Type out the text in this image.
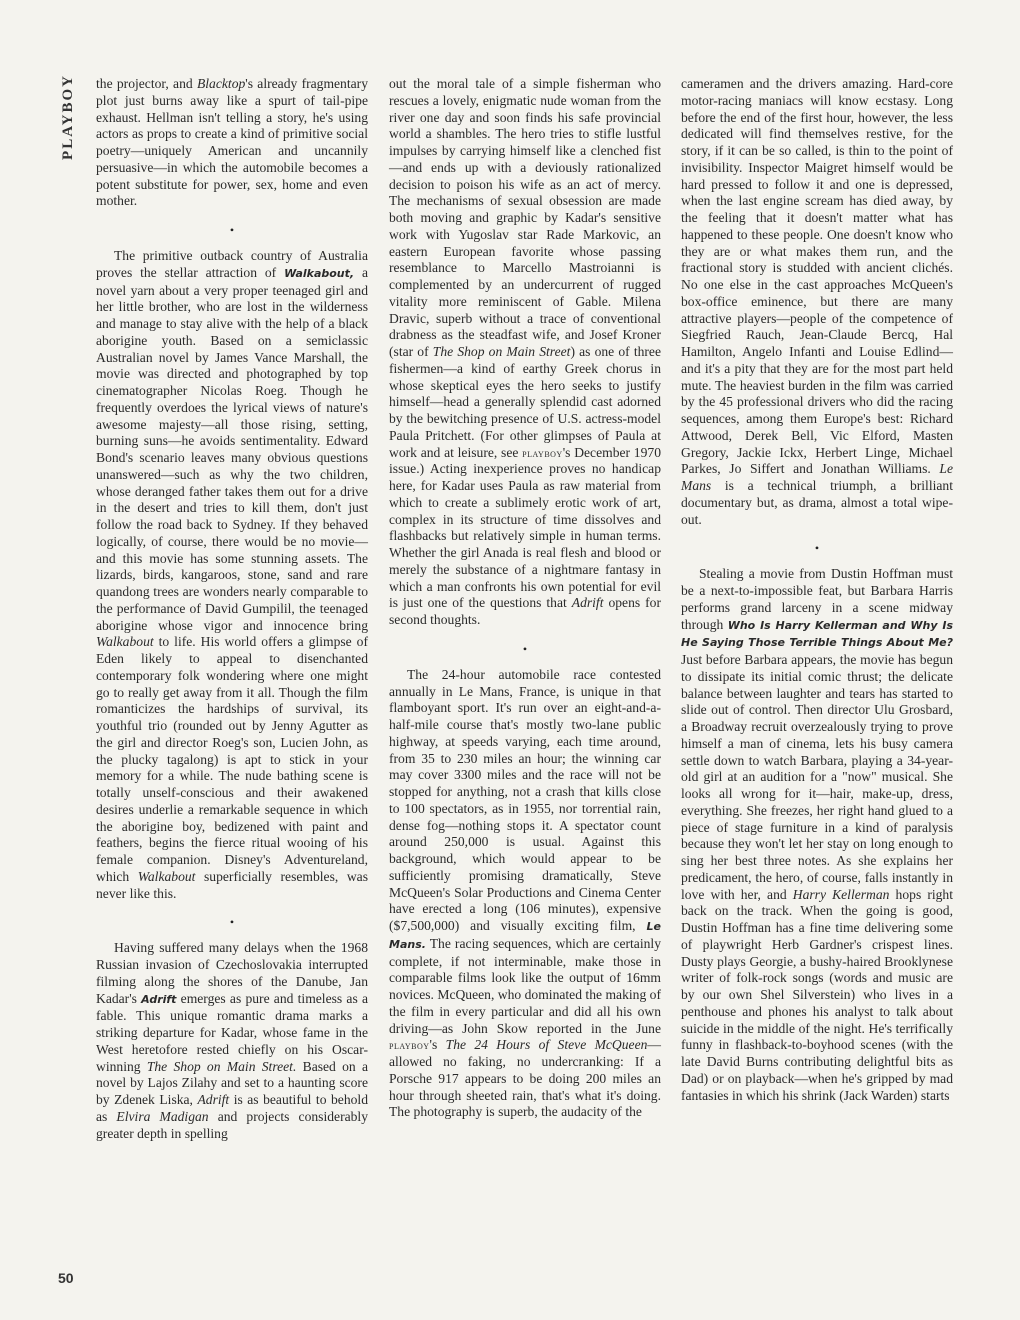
PLAYBOY the projector, and Blacktop's already fragmentary plot just burns away like a spurt of tail-pipe exhaust. Hellman isn't telling a story, he's using actors as props to create a kind of primitive social poetry—uniquely American and uncannily persuasive—in which the automobile becomes a potent substitute for power, sex, home and even mother.

•

The primitive outback country of Australia proves the stellar attraction of Walkabout, a novel yarn about a very proper teenaged girl and her little brother, who are lost in the wilderness and manage to stay alive with the help of a black aborigine youth. Based on a semiclassic Australian novel by James Vance Marshall, the movie was directed and photographed by top cinematographer Nicolas Roeg. Though he frequently overdoes the lyrical views of nature's awesome majesty—all those rising, setting, burning suns—he avoids sentimentality. Edward Bond's scenario leaves many obvious questions unanswered—such as why the two children, whose deranged father takes them out for a drive in the desert and tries to kill them, don't just follow the road back to Sydney. If they behaved logically, of course, there would be no movie—and this movie has some stunning assets. The lizards, birds, kangaroos, stone, sand and rare quandong trees are wonders nearly comparable to the performance of David Gumpilil, the teenaged aborigine whose vigor and innocence bring Walkabout to life. His world offers a glimpse of Eden likely to appeal to disenchanted contemporary folk wondering where one might go to really get away from it all. Though the film romanticizes the hardships of survival, its youthful trio (rounded out by Jenny Agutter as the girl and director Roeg's son, Lucien John, as the plucky tagalong) is apt to stick in your memory for a while. The nude bathing scene is totally unself-conscious and their awakened desires underlie a remarkable sequence in which the aborigine boy, bedizened with paint and feathers, begins the fierce ritual wooing of his female companion. Disney's Adventureland, which Walkabout superficially resembles, was never like this.

•

Having suffered many delays when the 1968 Russian invasion of Czechoslovakia interrupted filming along the shores of the Danube, Jan Kadar's Adrift emerges as pure and timeless as a fable. This unique romantic drama marks a striking departure for Kadar, whose fame in the West heretofore rested chiefly on his Oscar-winning The Shop on Main Street. Based on a novel by Lajos Zilahy and set to a haunting score by Zdenek Liska, Adrift is as beautiful to behold as Elvira Madigan and projects considerably greater depth in spelling

out the moral tale of a simple fisherman who rescues a lovely, enigmatic nude woman from the river one day and soon finds his safe provincial world a shambles. The hero tries to stifle lustful impulses by carrying himself like a clenched fist—and ends up with a deviously rationalized decision to poison his wife as an act of mercy. The mechanisms of sexual obsession are made both moving and graphic by Kadar's sensitive work with Yugoslav star Rade Markovic, an eastern European favorite whose passing resemblance to Marcello Mastroianni is complemented by an undercurrent of rugged vitality more reminiscent of Gable. Milena Dravic, superb without a trace of conventional drabness as the steadfast wife, and Josef Kroner (star of The Shop on Main Street) as one of three fishermen—a kind of earthy Greek chorus in whose skeptical eyes the hero seeks to justify himself—head a generally splendid cast adorned by the bewitching presence of U.S. actress-model Paula Pritchett. (For other glimpses of Paula at work and at leisure, see playboy's December 1970 issue.) Acting inexperience proves no handicap here, for Kadar uses Paula as raw material from which to create a sublimely erotic work of art, complex in its structure of time dissolves and flashbacks but relatively simple in human terms. Whether the girl Anada is real flesh and blood or merely the substance of a nightmare fantasy in which a man confronts his own potential for evil is just one of the questions that Adrift opens for second thoughts.

•

The 24-hour automobile race contested annually in Le Mans, France, is unique in that flamboyant sport. It's run over an eight-and-a-half-mile course that's mostly two-lane public highway, at speeds varying, each time around, from 35 to 230 miles an hour; the winning car may cover 3300 miles and the race will not be stopped for anything, not a crash that kills close to 100 spectators, as in 1955, nor torrential rain, dense fog—nothing stops it. A spectator count around 250,000 is usual. Against this background, which would appear to be sufficiently promising dramatically, Steve McQueen's Solar Productions and Cinema Center have erected a long (106 minutes), expensive ($7,500,000) and visually exciting film, Le Mans. The racing sequences, which are certainly complete, if not interminable, make those in comparable films look like the output of 16mm novices. McQueen, who dominated the making of the film in every particular and did all his own driving—as John Skow reported in the June playboy's The 24 Hours of Steve McQueen—allowed no faking, no undercranking: If a Porsche 917 appears to be doing 200 miles an hour through sheeted rain, that's what it's doing. The photography is superb, the audacity of the

cameramen and the drivers amazing. Hard-core motor-racing maniacs will know ecstasy. Long before the end of the first hour, however, the less dedicated will find themselves restive, for the story, if it can be so called, is thin to the point of invisibility. Inspector Maigret himself would be hard pressed to follow it and one is depressed, when the last engine scream has died away, by the feeling that it doesn't matter what has happened to these people. One doesn't know who they are or what makes them run, and the fractional story is studded with ancient clichés. No one else in the cast approaches McQueen's box-office eminence, but there are many attractive players—people of the competence of Siegfried Rauch, Jean-Claude Bercq, Hal Hamilton, Angelo Infanti and Louise Edlind—and it's a pity that they are for the most part held mute. The heaviest burden in the film was carried by the 45 professional drivers who did the racing sequences, among them Europe's best: Richard Attwood, Derek Bell, Vic Elford, Masten Gregory, Jackie Ickx, Herbert Linge, Michael Parkes, Jo Siffert and Jonathan Williams. Le Mans is a technical triumph, a brilliant documentary but, as drama, almost a total wipe-out.

•

Stealing a movie from Dustin Hoffman must be a next-to-impossible feat, but Barbara Harris performs grand larceny in a scene midway through Who Is Harry Kellerman and Why Is He Saying Those Terrible Things About Me? Just before Barbara appears, the movie has begun to dissipate its initial comic thrust; the delicate balance between laughter and tears has started to slide out of control. Then director Ulu Grosbard, a Broadway recruit overzealously trying to prove himself a man of cinema, lets his busy camera settle down to watch Barbara, playing a 34-year-old girl at an audition for a "now" musical. She looks all wrong for it—hair, make-up, dress, everything. She freezes, her right hand glued to a piece of stage furniture in a kind of paralysis because they won't let her stay on long enough to sing her best three notes. As she explains her predicament, the hero, of course, falls instantly in love with her, and Harry Kellerman hops right back on the track. When the going is good, Dustin Hoffman has a fine time delivering some of playwright Herb Gardner's crispest lines. Dusty plays Georgie, a bushy-haired Brooklynese writer of folk-rock songs (words and music are by our own Shel Silverstein) who lives in a penthouse and phones his analyst to talk about suicide in the middle of the night. He's terrifically funny in flashback-to-boyhood scenes (with the late David Burns contributing delightful bits as Dad) or on playback—when he's gripped by mad fantasies in which his shrink (Jack Warden) starts

50
